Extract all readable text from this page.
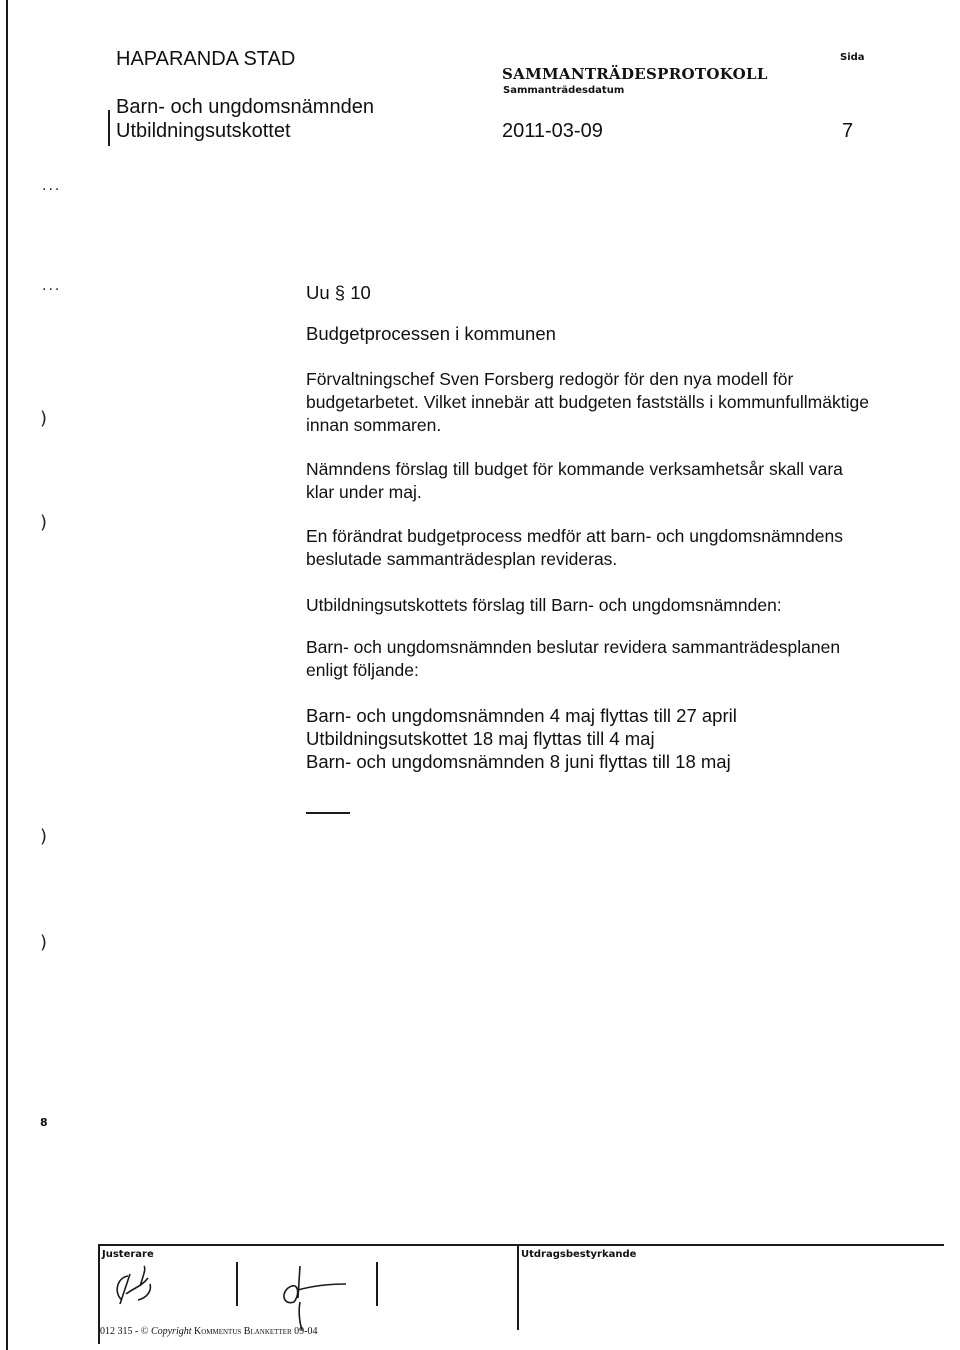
HAPARANDA STAD
Barn- och ungdomsnämnden
Utbildningsutskottet
SAMMANTRÄDESPROTOKOLL
Sammanträdesdatum
2011-03-09
Sida
7
...
...
)
)
)
)
8
Uu § 10
Budgetprocessen i kommunen
Förvaltningschef Sven Forsberg redogör för den nya modell för
budgetarbetet. Vilket innebär att budgeten fastställs i kommunfullmäktige
innan sommaren.
Nämndens förslag till budget för kommande verksamhetsår skall vara
klar under maj.
En förändrat budgetprocess medför att barn- och ungdomsnämndens
beslutade sammanträdesplan revideras.
Utbildningsutskottets förslag till Barn- och ungdomsnämnden:
Barn- och ungdomsnämnden beslutar revidera sammanträdesplanen
enligt följande:
Barn- och ungdomsnämnden 4 maj flyttas till 27 april
Utbildningsutskottet 18 maj flyttas till 4 maj
Barn- och ungdomsnämnden 8 juni flyttas till 18 maj
Justerare	Utdragsbestyrkande
012 315 - © Copyright Kommentus Blanketter 09-04
